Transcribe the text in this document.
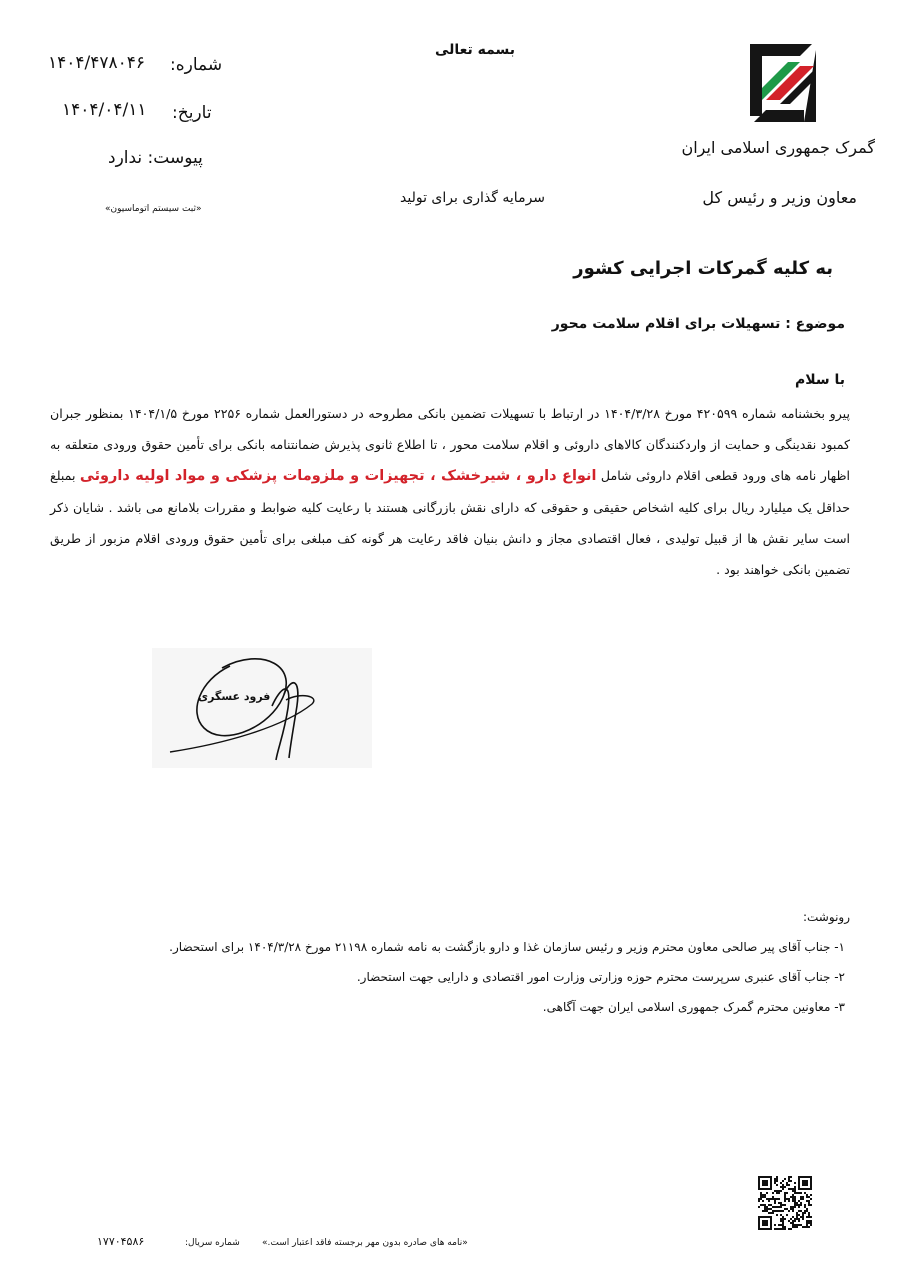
بسمه تعالی
گمرک جمهوری اسلامی ایران
معاون وزیر و رئیس کل
سرمایه گذاری برای تولید
شماره:
۱۴۰۴/۴۷۸۰۴۶
تاریخ:
۱۴۰۴/۰۴/۱۱
پیوست: ندارد
«ثبت سیستم اتوماسیون»
به کلیه گمرکات اجرایی کشور
موضوع : تسهیلات برای اقلام سلامت محور
با سلام
پیرو بخشنامه شماره ۴۲۰۵۹۹ مورخ ۱۴۰۴/۳/۲۸ در ارتباط با تسهیلات تضمین بانکی مطروحه در دستورالعمل شماره ۲۲۵۶ مورخ ۱۴۰۴/۱/۵ بمنظور جبران کمبود نقدینگی و حمایت از واردکنندگان کالاهای داروئی و اقلام سلامت محور ، تا اطلاع ثانوی پذیرش ضمانتنامه بانکی برای تأمین حقوق ورودی متعلقه به اظهار نامه های ورود قطعی اقلام داروئی شامل انواع دارو ، شیرخشک ، تجهیزات و ملزومات پزشکی و مواد اولیه داروئی بمبلغ حداقل یک میلیارد ریال برای کلیه اشخاص حقیقی و حقوقی که دارای نقش بازرگانی هستند با رعایت کلیه ضوابط و مقررات بلامانع می باشد . شایان ذکر است سایر نقش ها از قبیل تولیدی ، فعال اقتصادی مجاز و دانش بنیان فاقد رعایت هر گونه کف مبلغی برای تأمین حقوق ورودی اقلام مزبور از طریق تضمین بانکی خواهند بود .
فرود عسگری
رونوشت:
۱- جناب آقای پیر صالحی معاون محترم وزیر و رئیس سازمان غذا و دارو بازگشت به نامه شماره ۲۱۱۹۸ مورخ ۱۴۰۴/۳/۲۸ برای استحضار.
۲- جناب آقای عنبری سرپرست محترم حوزه وزارتی وزارت امور اقتصادی و دارایی جهت استحضار.
۳- معاونین محترم گمرک جمهوری اسلامی ایران جهت آگاهی.
«نامه های صادره بدون مهر برجسته فاقد اعتبار است.»
شماره سریال:
۱۷۷۰۴۵۸۶
